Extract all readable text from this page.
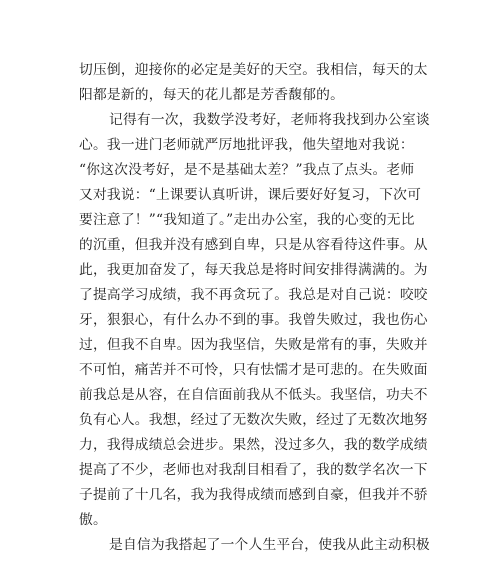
切压倒，迎接你的必定是美好的天空。我相信，每天的太
阳都是新的，每天的花儿都是芳香馥郁的。
记得有一次，我数学没考好，老师将我找到办公室谈
心。我一进门老师就严厉地批评我，他失望地对我说：
“你这次没考好，是不是基础太差？”我点了点头。老师
又对我说：“上课要认真听讲，课后要好好复习，下次可
要注意了！”“我知道了。”走出办公室，我的心变的无比
的沉重，但我并没有感到自卑，只是从容看待这件事。从
此，我更加奋发了，每天我总是将时间安排得满满的。为
了提高学习成绩，我不再贪玩了。我总是对自己说：咬咬
牙，狠狠心，有什么办不到的事。我曾失败过，我也伤心
过，但我不自卑。因为我坚信，失败是常有的事，失败并
不可怕，痛苦并不可怜，只有怯懦才是可悲的。在失败面
前我总是从容，在自信面前我从不低头。我坚信，功夫不
负有心人。我想，经过了无数次失败，经过了无数次地努
力，我得成绩总会进步。果然，没过多久，我的数学成绩
提高了不少，老师也对我刮目相看了，我的数学名次一下
子提前了十几名，我为我得成绩而感到自豪，但我并不骄
傲。
是自信为我搭起了一个人生平台，使我从此主动积极
